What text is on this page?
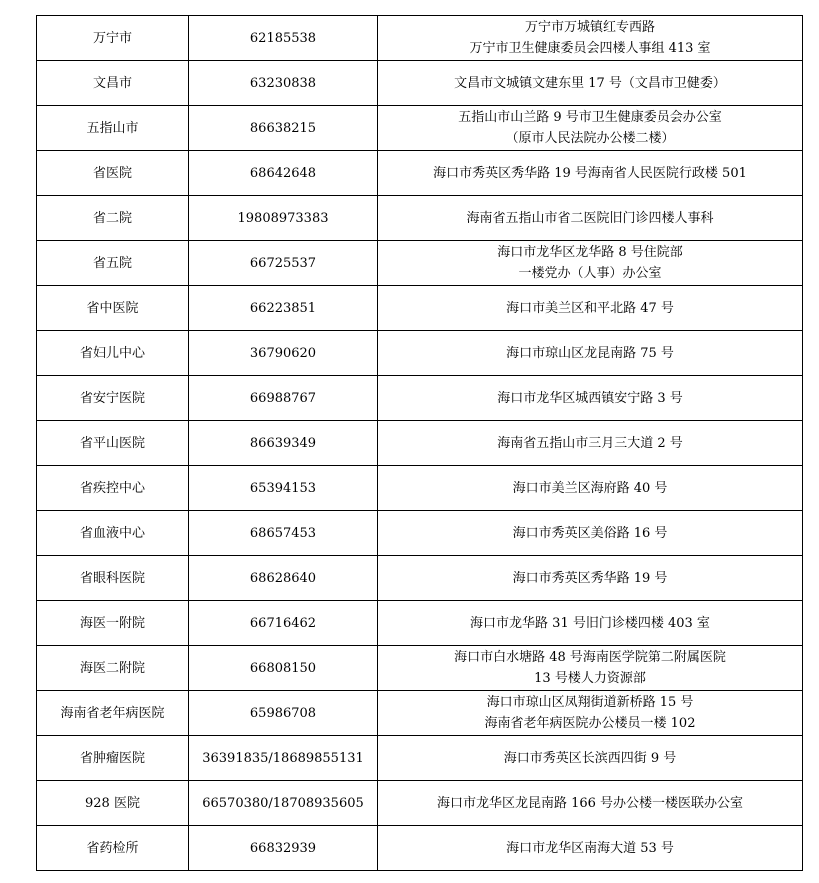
万宁市	62185538	万宁市万城镇红专西路
万宁市卫生健康委员会四楼人事组 413 室

文昌市	63230838	文昌市文城镇文建东里 17 号（文昌市卫健委）

五指山市	86638215	五指山市山兰路 9 号市卫生健康委员会办公室
（原市人民法院办公楼二楼）

省医院	68642648	海口市秀英区秀华路 19 号海南省人民医院行政楼 501

省二院	19808973383	海南省五指山市省二医院旧门诊四楼人事科

省五院	66725537	海口市龙华区龙华路 8 号住院部
一楼党办（人事）办公室

省中医院	66223851	海口市美兰区和平北路 47 号

省妇儿中心	36790620	海口市琼山区龙昆南路 75 号

省安宁医院	66988767	海口市龙华区城西镇安宁路 3 号

省平山医院	86639349	海南省五指山市三月三大道 2 号

省疾控中心	65394153	海口市美兰区海府路 40 号

省血液中心	68657453	海口市秀英区美俗路 16 号

省眼科医院	68628640	海口市秀英区秀华路 19 号

海医一附院	66716462	海口市龙华路 31 号旧门诊楼四楼 403 室

海医二附院	66808150	海口市白水塘路 48 号海南医学院第二附属医院
13 号楼人力资源部

海南省老年病医院	65986708	海口市琼山区凤翔街道新桥路 15 号
海南省老年病医院办公楼员一楼 102

省肿瘤医院	36391835/18689855131	海口市秀英区长滨西四街 9 号

928 医院	66570380/18708935605	海口市龙华区龙昆南路 166 号办公楼一楼医联办公室

省药检所	66832939	海口市龙华区南海大道 53 号
